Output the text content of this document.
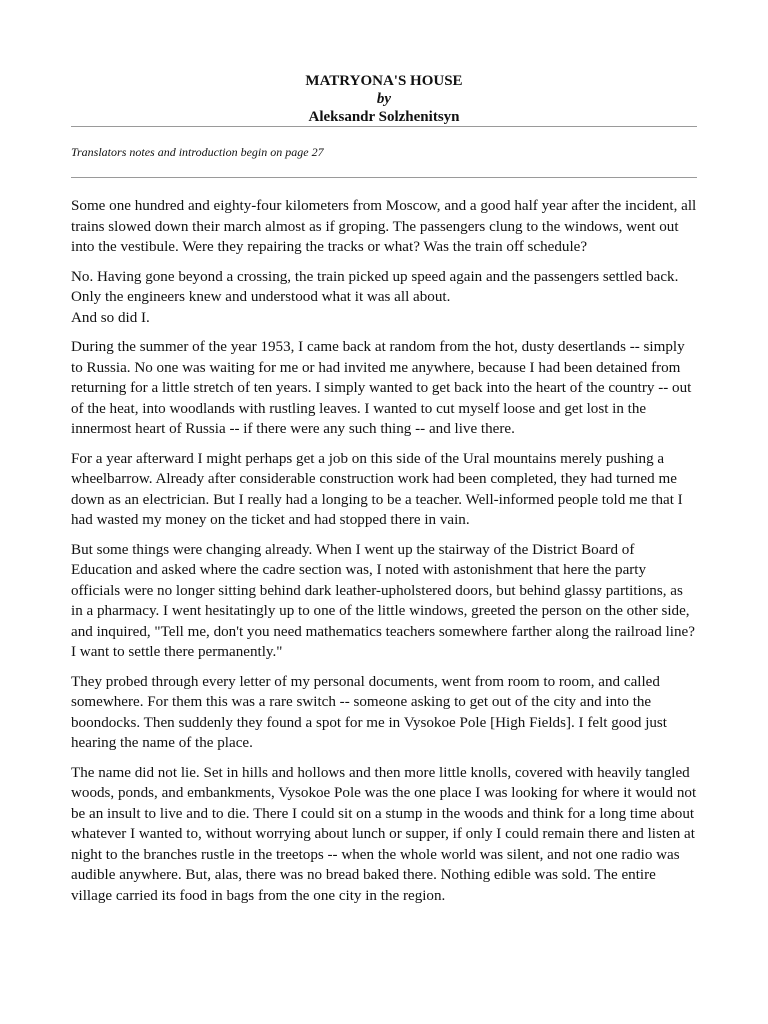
MATRYONA'S HOUSE
by
Aleksandr Solzhenitsyn
Translators notes and introduction begin on page 27

Some one hundred and eighty-four kilometers from Moscow, and a good half year after the incident, all trains slowed down their march almost as if groping. The passengers clung to the windows, went out into the vestibule. Were they repairing the tracks or what? Was the train off schedule?

No. Having gone beyond a crossing, the train picked up speed again and the passengers settled back. Only the engineers knew and understood what it was all about.
And so did I.

During the summer of the year 1953, I came back at random from the hot, dusty desertlands -- simply to Russia. No one was waiting for me or had invited me anywhere, because I had been detained from returning for a little stretch of ten years. I simply wanted to get back into the heart of the country -- out of the heat, into woodlands with rustling leaves. I wanted to cut myself loose and get lost in the innermost heart of Russia -- if there were any such thing -- and live there.

For a year afterward I might perhaps get a job on this side of the Ural mountains merely pushing a wheelbarrow. Already after considerable construction work had been completed, they had turned me down as an electrician. But I really had a longing to be a teacher. Well-informed people told me that I had wasted my money on the ticket and had stopped there in vain.

But some things were changing already. When I went up the stairway of the District Board of Education and asked where the cadre section was, I noted with astonishment that here the party officials were no longer sitting behind dark leather-upholstered doors, but behind glassy partitions, as in a pharmacy. I went hesitatingly up to one of the little windows, greeted the person on the other side, and inquired, "Tell me, don't you need mathematics teachers somewhere farther along the railroad line? I want to settle there permanently."

They probed through every letter of my personal documents, went from room to room, and called somewhere. For them this was a rare switch -- someone asking to get out of the city and into the boondocks. Then suddenly they found a spot for me in Vysokoe Pole [High Fields]. I felt good just hearing the name of the place.

The name did not lie. Set in hills and hollows and then more little knolls, covered with heavily tangled woods, ponds, and embankments, Vysokoe Pole was the one place I was looking for where it would not be an insult to live and to die. There I could sit on a stump in the woods and think for a long time about whatever I wanted to, without worrying about lunch or supper, if only I could remain there and listen at night to the branches rustle in the treetops -- when the whole world was silent, and not one radio was audible anywhere. But, alas, there was no bread baked there. Nothing edible was sold. The entire village carried its food in bags from the one city in the region.
